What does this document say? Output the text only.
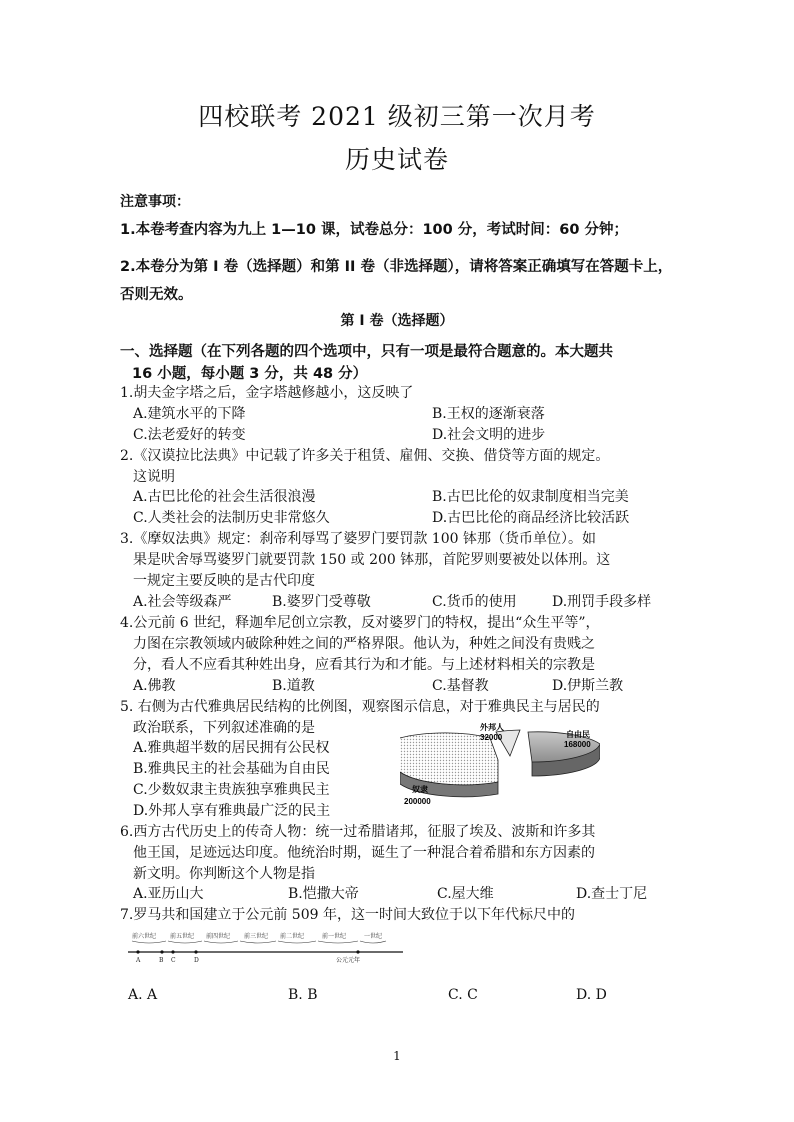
四校联考 2021 级初三第一次月考
历史试卷
注意事项：
1.本卷考查内容为九上 1—10 课，试卷总分：100 分，考试时间：60 分钟；
2.本卷分为第 I 卷（选择题）和第 II 卷（非选择题），请将答案正确填写在答题卡上，否则无效。
第 I 卷（选择题）
一、选择题（在下列各题的四个选项中，只有一项是最符合题意的。本大题共
16 小题，每小题 3 分，共 48 分）
1.胡夫金字塔之后，金字塔越修越小，这反映了
A.建筑水平的下降	B.王权的逐渐衰落
C.法老爱好的转变	D.社会文明的进步
2.《汉谟拉比法典》中记载了许多关于租赁、雇佣、交换、借贷等方面的规定。
这说明
A.古巴比伦的社会生活很浪漫	B.古巴比伦的奴隶制度相当完美
C.人类社会的法制历史非常悠久	D.古巴比伦的商品经济比较活跃
3.《摩奴法典》规定：刹帝利辱骂了婆罗门要罚款 100 钵那（货币单位）。如
果是吠舍辱骂婆罗门就要罚款 150 或 200 钵那，首陀罗则要被处以体刑。这
一规定主要反映的是古代印度
A.社会等级森严	B.婆罗门受尊敬	C.货币的使用	D.刑罚手段多样
4.公元前 6 世纪，释迦牟尼创立宗教，反对婆罗门的特权，提出“众生平等”，
力图在宗教领域内破除种姓之间的严格界限。他认为，种姓之间没有贵贱之
分，看人不应看其种姓出身，应看其行为和才能。与上述材料相关的宗教是
A.佛教	B.道教	C.基督教	D.伊斯兰教
5. 右侧为古代雅典居民结构的比例图，观察图示信息，对于雅典民主与居民的
政治联系，下列叙述准确的是
A.雅典超半数的居民拥有公民权
B.雅典民主的社会基础为自由民
C.少数奴隶主贵族独享雅典民主
D.外邦人享有雅典最广泛的民主
外邦人
32000	自由民
168000
奴隶
200000
6.西方古代历史上的传奇人物：统一过希腊诸邦，征服了埃及、波斯和许多其
他王国，足迹远达印度。他统治时期，诞生了一种混合着希腊和东方因素的
新文明。你判断这个人物是指
A.亚历山大	B.恺撒大帝	C.屋大维	D.查士丁尼
7.罗马共和国建立于公元前 509 年，这一时间大致位于以下年代标尺中的
前六世纪 前五世纪 前四世纪 前三世纪 前二世纪	前一世纪	一世纪
A	B C	D	公元元年
A. A	B. B	C. C	D. D
1
